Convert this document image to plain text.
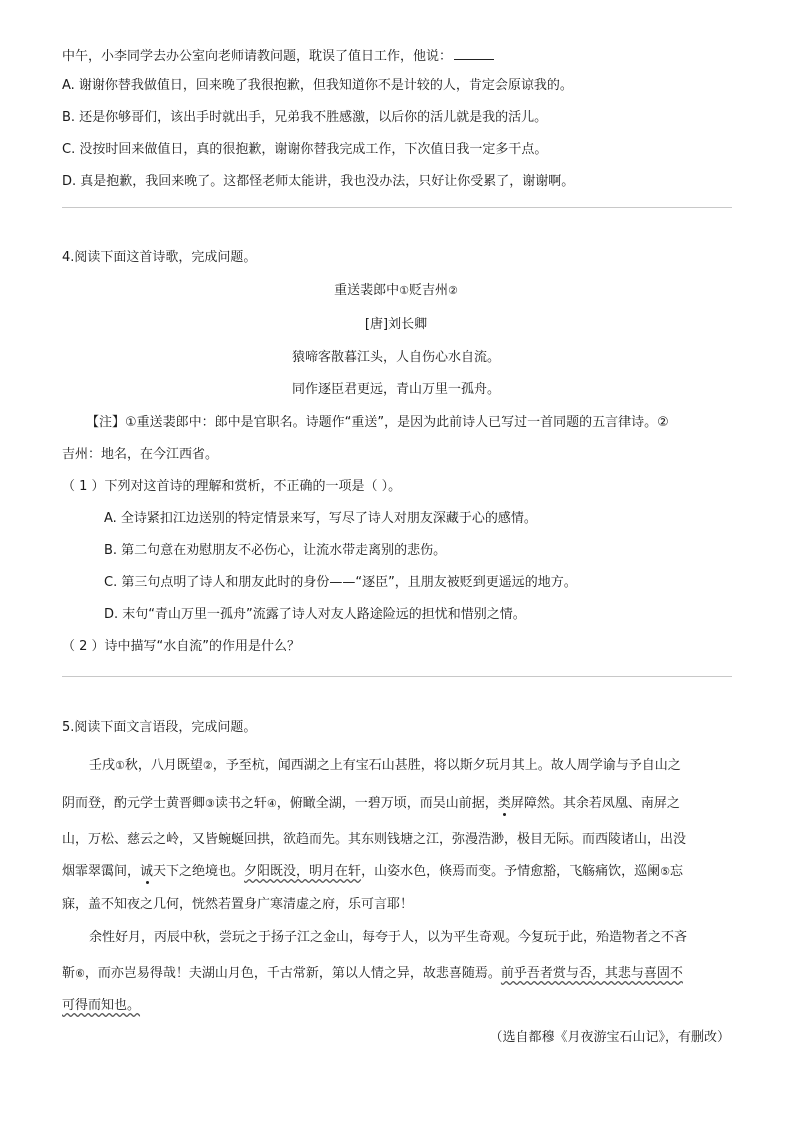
中午，小李同学去办公室向老师请教问题，耽误了值日工作，他说：
A. 谢谢你替我做值日，回来晚了我很抱歉，但我知道你不是计较的人，肯定会原谅我的。
B. 还是你够哥们，该出手时就出手，兄弟我不胜感激，以后你的活儿就是我的活儿。
C. 没按时回来做值日，真的很抱歉，谢谢你替我完成工作，下次值日我一定多干点。
D. 真是抱歉，我回来晚了。这都怪老师太能讲，我也没办法，只好让你受累了，谢谢啊。
4.阅读下面这首诗歌，完成问题。
重送裴郎中①贬吉州②
[唐]刘长卿
猿啼客散暮江头，人自伤心水自流。
同作逐臣君更远，青山万里一孤舟。
【注】①重送裴郎中：郎中是官职名。诗题作“重送”，是因为此前诗人已写过一首同题的五言律诗。②
吉州：地名，在今江西省。
（ 1 ）下列对这首诗的理解和赏析，不正确的一项是（ ）。
A. 全诗紧扣江边送别的特定情景来写，写尽了诗人对朋友深藏于心的感情。
B. 第二句意在劝慰朋友不必伤心，让流水带走离别的悲伤。
C. 第三句点明了诗人和朋友此时的身份——“逐臣”，且朋友被贬到更遥远的地方。
D. 末句“青山万里一孤舟”流露了诗人对友人路途险远的担忧和惜别之情。
（ 2 ）诗中描写“水自流”的作用是什么？
5.阅读下面文言语段，完成问题。
壬戌①秋，八月既望②，予至杭，闻西湖之上有宝石山甚胜，将以斯夕玩月其上。故人周学谕与予自山之
阴而登，酌元学士黄晋卿③读书之轩④，俯瞰全湖，一碧万顷，而吴山前据，类
屏障然。其余若凤凰、南屏之
山，万松、慈云之岭，又皆蜿蜒回拱，欲趋而先。其东则钱塘之江，弥漫浩渺，极目无际。而西陵诸山，出没
烟霏翠霭间，诚
天下之绝境也。夕阳既没，明月在轩，山姿水色，倏焉而变。予情愈豁，飞觞痛饮，巡阑⑤忘
寐，盖不知夜之几何，恍然若置身广寒清虚之府，乐可言耶！
余性好月，丙辰中秋，尝玩之于扬子江之金山，每夸于人，以为平生奇观。今复玩于此，殆造物者之不吝
靳⑥，而亦岂易得哉！夫湖山月色，千古常新，第以人情之异，故悲喜随焉。前乎吾者赏与否，其悲与喜固不
可得而知也。
（选自都穆《月夜游宝石山记》，有删改）
